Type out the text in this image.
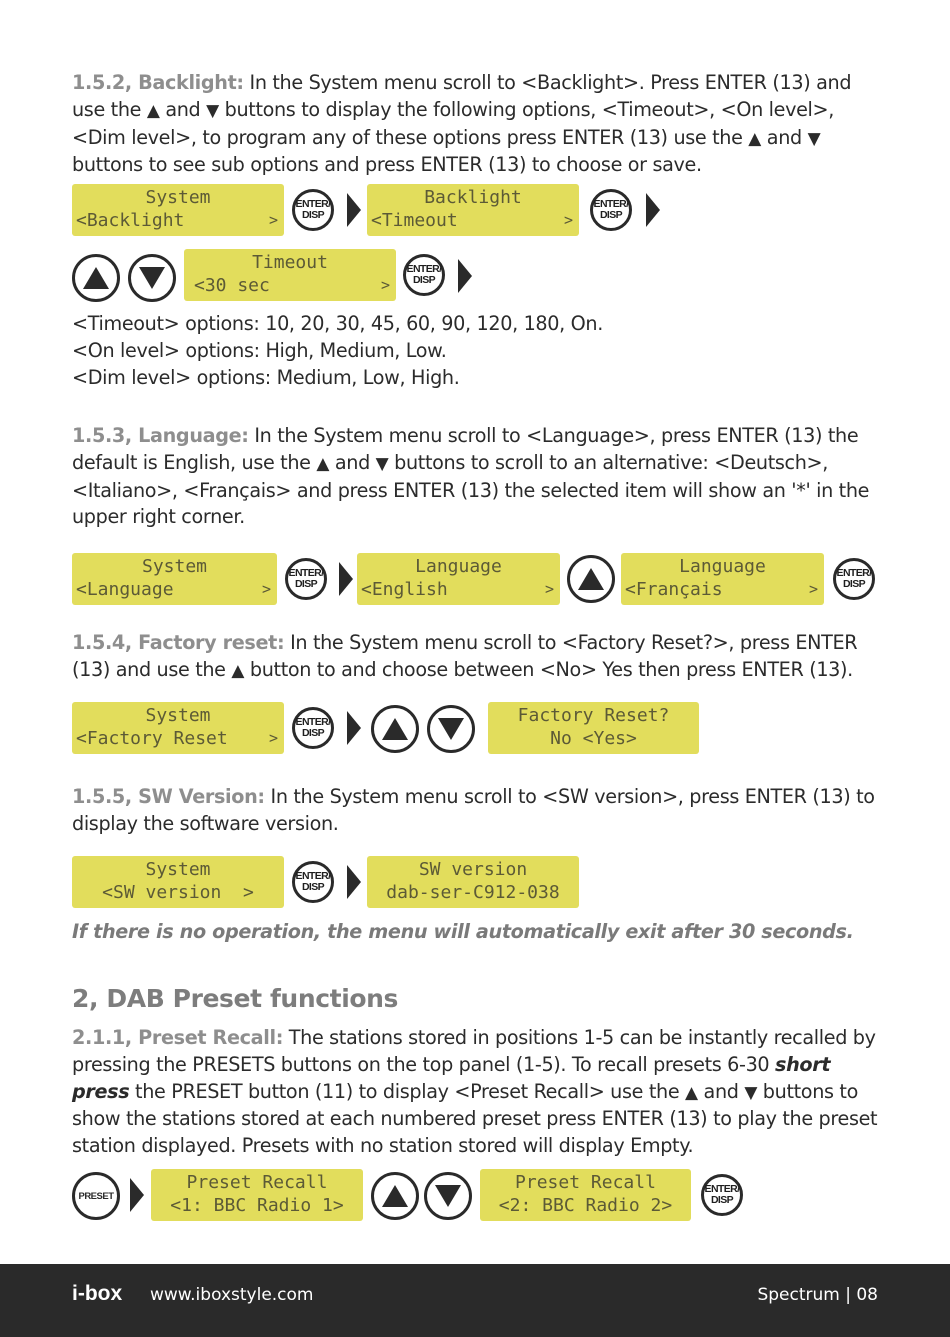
1.5.2, Backlight: In the System menu scroll to <Backlight>. Press ENTER (13) and use the ▲ and ▼ buttons to display the following options, <Timeout>, <On level>, <Dim level>, to program any of these options press ENTER (13) use the ▲ and ▼ buttons to see sub options and press ENTER (13) to choose or save.
System
<Backlight	>
ENTER/
DISP
Backlight
<Timeout	>
ENTER/
DISP
Timeout
<30 sec	>
ENTER/
DISP
<Timeout> options: 10, 20, 30, 45, 60, 90, 120, 180, On.
<On level> options: High, Medium, Low.
<Dim level> options: Medium, Low, High.
1.5.3, Language: In the System menu scroll to <Language>, press ENTER (13) the default is English, use the ▲ and ▼ buttons to scroll to an alternative: <Deutsch>, <Italiano>, <Français> and press ENTER (13) the selected item will show an '*' in the upper right corner.
System
<Language	>
ENTER/
DISP
Language
<English	>
Language
<Français	>
ENTER/
DISP
1.5.4, Factory reset: In the System menu scroll to <Factory Reset?>, press ENTER (13) and use the ▲ button to and choose between <No> Yes then press ENTER (13).
System
<Factory Reset	>
ENTER/
DISP
Factory Reset?
No <Yes>
1.5.5, SW Version: In the System menu scroll to <SW version>, press ENTER (13) to display the software version.
System
<SW version  >
ENTER/
DISP
SW version
dab-ser-C912-038
If there is no operation, the menu will automatically exit after 30 seconds.
2, DAB Preset functions
2.1.1, Preset Recall: The stations stored in positions 1-5 can be instantly recalled by pressing the PRESETS buttons on the top panel (1-5). To recall presets 6-30 short press the PRESET button (11) to display <Preset Recall> use the ▲ and ▼ buttons to show the stations stored at each numbered preset press ENTER (13) to play the preset station displayed. Presets with no station stored will display Empty.
PRESET
Preset Recall
<1: BBC Radio 1>
Preset Recall
<2: BBC Radio 2>
ENTER/
DISP
i-box www.iboxstyle.com	Spectrum | 08
